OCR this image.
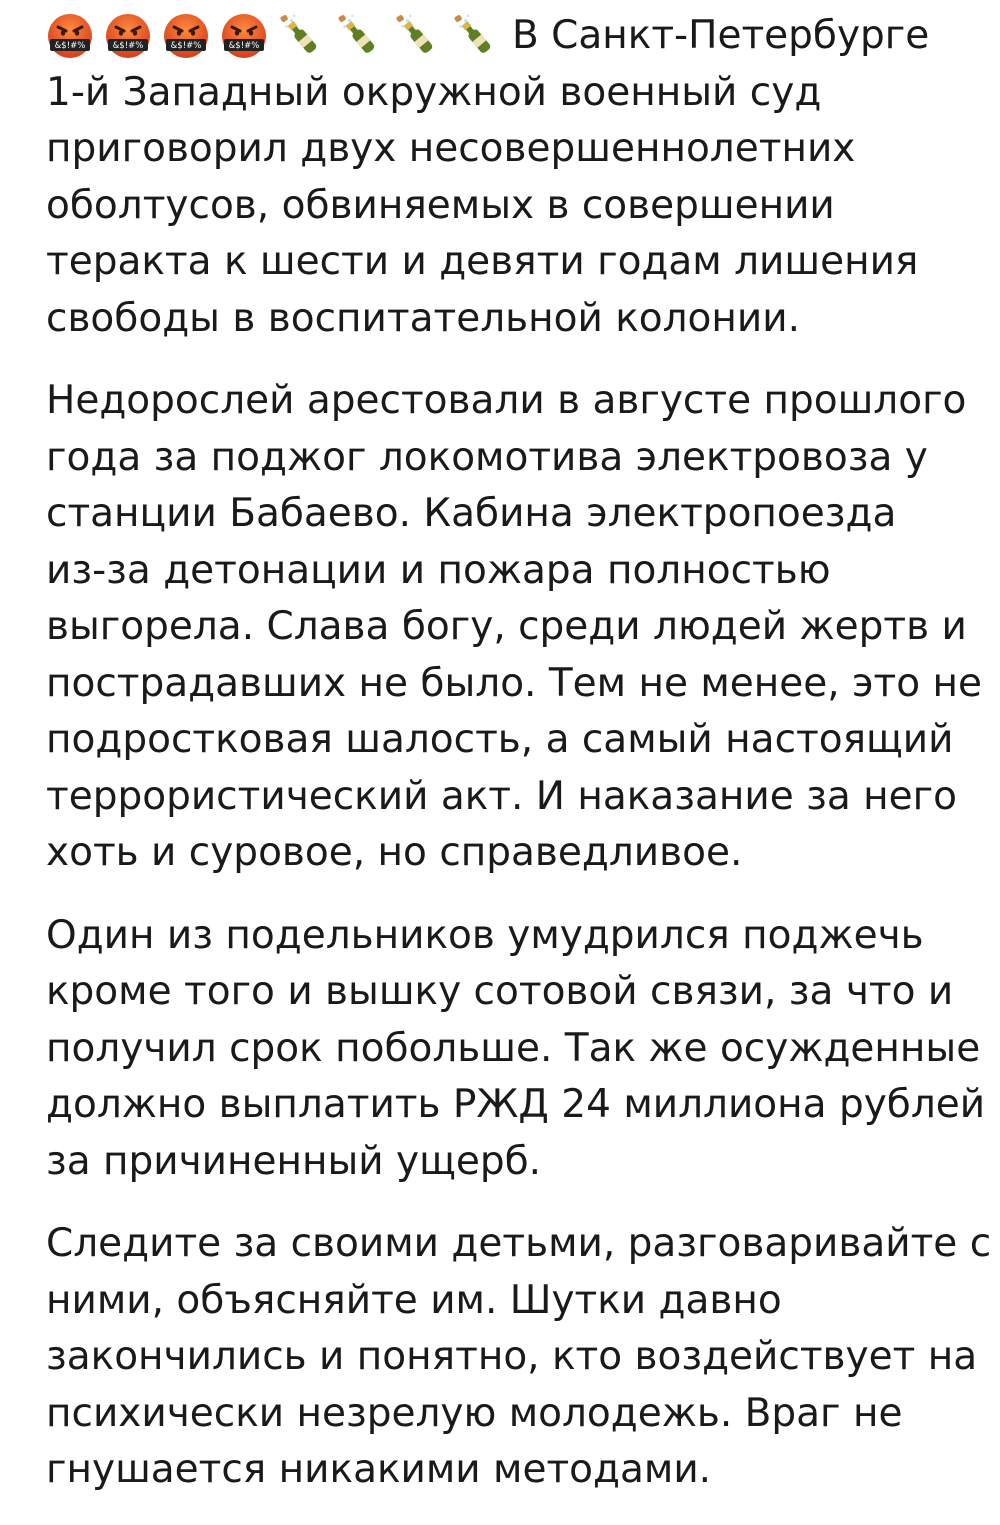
&$!#%	&$!#%	&$!#%	&$!#%	В Санкт-Петербурге
1-й Западный окружной военный суд
приговорил двух несовершеннолетних
оболтусов, обвиняемых в совершении
теракта к шести и девяти годам лишения
свободы в воспитательной колонии.
Недорослей арестовали в августе прошлого
года за поджог локомотива электровоза у
станции Бабаево. Кабина электропоезда
из-за детонации и пожара полностью
выгорела. Слава богу, среди людей жертв и
пострадавших не было. Тем не менее, это не
подростковая шалость, а самый настоящий
террористический акт. И наказание за него
хоть и суровое, но справедливое.
Один из подельников умудрился поджечь
кроме того и вышку сотовой связи, за что и
получил срок побольше. Так же осужденные
должно выплатить РЖД 24 миллиона рублей
за причиненный ущерб.
Следите за своими детьми, разговаривайте с
ними, объясняйте им. Шутки давно
закончились и понятно, кто воздействует на
психически незрелую молодежь. Враг не
гнушается никакими методами.
